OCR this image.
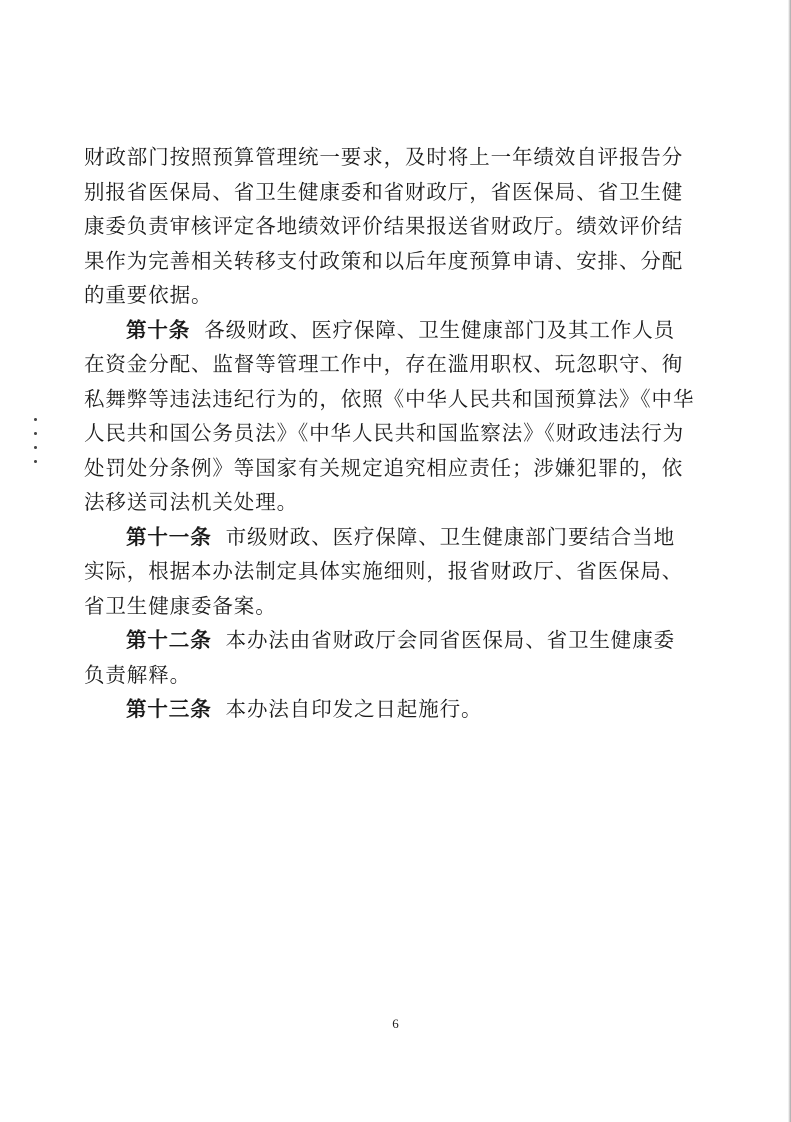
财政部门按照预算管理统一要求，及时将上一年绩效自评报告分
别报省医保局、省卫生健康委和省财政厅，省医保局、省卫生健
康委负责审核评定各地绩效评价结果报送省财政厅。绩效评价结
果作为完善相关转移支付政策和以后年度预算申请、安排、分配
的重要依据。
第十条 各级财政、医疗保障、卫生健康部门及其工作人员
在资金分配、监督等管理工作中，存在滥用职权、玩忽职守、徇
私舞弊等违法违纪行为的，依照《中华人民共和国预算法》《中华
人民共和国公务员法》《中华人民共和国监察法》《财政违法行为
处罚处分条例》等国家有关规定追究相应责任；涉嫌犯罪的，依
法移送司法机关处理。
第十一条 市级财政、医疗保障、卫生健康部门要结合当地
实际，根据本办法制定具体实施细则，报省财政厅、省医保局、
省卫生健康委备案。
第十二条 本办法由省财政厅会同省医保局、省卫生健康委
负责解释。
第十三条 本办法自印发之日起施行。
6
